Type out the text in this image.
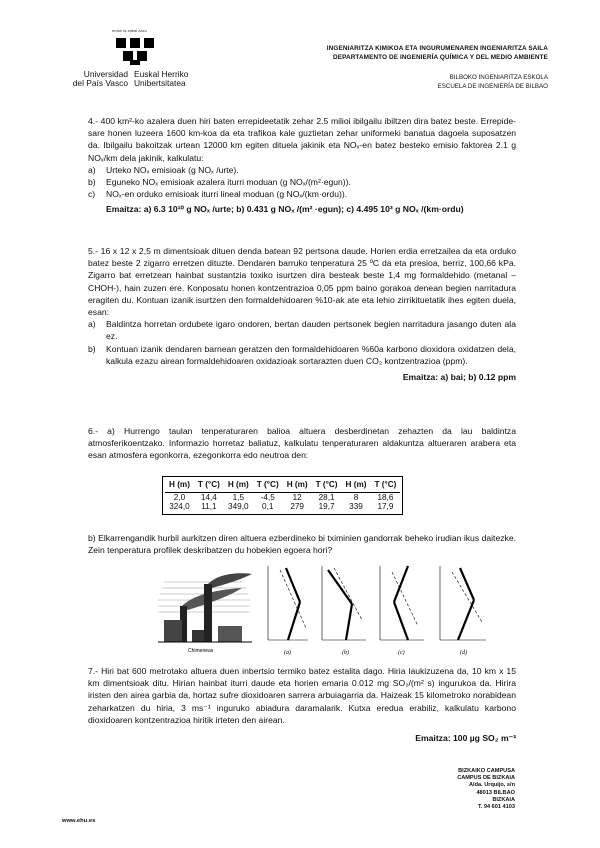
eman ta zabal zazu
Universidad
del País Vasco
Euskal Herriko
Unibertsitatea
INGENIARITZA KIMIKOA ETA INGURUMENAREN INGENIARITZA SAILA
DEPARTAMENTO DE INGENIERÍA QUÍMICA Y DEL MEDIO AMBIENTE
BILBOKO INGENIARITZA ESKOLA
ESCUELA DE INGENIERÍA DE BILBAO
4.- 400 km²-ko azalera duen hiri baten errepideetatik zehar 2.5 milioi ibilgailu ibiltzen dira batez beste. Errepide-sare honen luzeera 1600 km-koa da eta trafikoa kale guztietan zehar uniformeki banatua dagoela suposatzen da. Ibilgailu bakoitzak urtean 12000 km egiten dituela jakinik eta NOₓ-en batez besteko emisio faktorea 2.1 g NOₓ/km dela jakinik, kalkulatu:
a) Urteko NOₓ emisioak (g NOₓ /urte).
b) Eguneko NOₓ emisioak azalera iturri moduan (g NOₓ/(m²·egun)).
c) NOₓ-en orduko emisioak iturri lineal moduan (g NOₓ/(km·ordu)).
Emaitza: a) 6.3 10¹⁰ g NOₓ /urte; b) 0.431 g NOₓ /(m² ·egun); c) 4.495 10³ g NOₓ /(km·ordu)
5.- 16 x 12 x 2,5 m dimentsioak dituen denda batean 92 pertsona daude. Horien erdia erretzailea da eta orduko batez beste 2 zigarro erretzen dituzte. Dendaren barruko tenperatura 25 ºC da eta presioa, berriz, 100,66 kPa. Zigarro bat erretzean hainbat sustantzia toxiko isurtzen dira besteak beste 1,4 mg formaldehido (metanal –CHOH-), hain zuzen ere. Konposatu honen kontzentrazioa 0,05 ppm baino gorakoa denean begien narritadura eragiten du. Kontuan izanik isurtzen den formaldehidoaren %10-ak ate eta lehio zirrikituetatik ihes egiten duela, esan:
a) Baldintza horretan ordubete igaro ondoren, bertan dauden pertsonek begien narritadura jasango duten ala ez.
b) Kontuan izanik dendaren barnean geratzen den formaldehidoaren %60a karbono dioxidora oxidatzen dela, kalkula ezazu airean formaldehidoaren oxidazioak sortarazten duen CO₂ kontzentrazioa (ppm).
Emaitza: a) bai; b) 0.12 ppm
6.- a) Hurrengo taulan tenperaturaren balioa altuera desberdinetan zehazten da lau baldintza atmosferikoentzako. Informazio horretaz baliatuz, kalkulatu tenperaturaren aldakuntza altueraren arabera eta esan atmosfera egonkorra, ezegonkorra edo neutroa den:
H (m)	T (°C)	H (m)	T (°C)	H (m)	T (°C)	H (m)	T (°C)
2,0	14,4	1,5	-4,5	12	28,1	8	18,6
324,0	11,1	349,0	0,1	279	19,7	339	17,9
b) Elkarrengandik hurbil aurkitzen diren altuera ezberdineko bi tximinien gandorrak beheko irudian ikus daitezke. Zein tenperatura profilek deskribatzen du hobekien egoera hori?
Chimeneas	(a)	(b)	(c)	(d)
7.- Hiri bat 600 metrotako altuera duen inbertsio termiko batez estalita dago. Hiria laukizuzena da, 10 km x 15 km dimentsioak ditu. Hirian hainbat iturri daude eta horien emaria 0.012 mg SO₂/(m² s) ingurukoa da. Hirira iristen den airea garbia da, hortaz sufre dioxidoaren sarrera arbuiagarria da. Haizeak 15 kilometroko norabidean zeharkatzen du hiria, 3 ms⁻¹ inguruko abiadura daramalarik. Kutxa eredua erabiliz, kalkulatu karbono dioxidoaren kontzentrazioa hiritik irteten den airean.
Emaitza: 100 µg SO₂ m⁻³
BIZKAIKO CAMPUSA
CAMPUS DE BIZKAIA
Alda. Urquijo, s/n
48013 BILBAO
BIZKAIA
T. 94 601 4103
www.ehu.es
